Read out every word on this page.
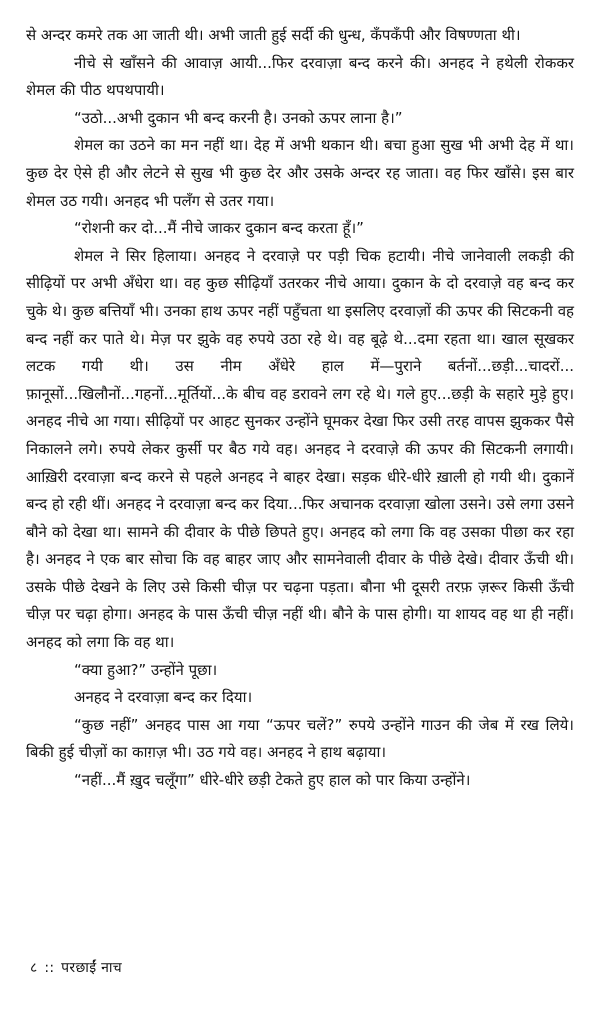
से अन्दर कमरे तक आ जाती थी। अभी जाती हुई सर्दी की धुन्ध, कँपकँपी और विषण्णता थी।

नीचे से खाँसने की आवाज़ आयी...फिर दरवाज़ा बन्द करने की। अनहद ने हथेली रोककर शेमल की पीठ थपथपायी।

“उठो...अभी दुकान भी बन्द करनी है। उनको ऊपर लाना है।”

शेमल का उठने का मन नहीं था। देह में अभी थकान थी। बचा हुआ सुख भी अभी देह में था। कुछ देर ऐसे ही और लेटने से सुख भी कुछ देर और उसके अन्दर रह जाता। वह फिर खाँसे। इस बार शेमल उठ गयी। अनहद भी पलँग से उतर गया।

“रोशनी कर दो...मैं नीचे जाकर दुकान बन्द करता हूँ।”

शेमल ने सिर हिलाया। अनहद ने दरवाज़े पर पड़ी चिक हटायी। नीचे जानेवाली लकड़ी की सीढ़ियों पर अभी अँधेरा था। वह कुछ सीढ़ियाँ उतरकर नीचे आया। दुकान के दो दरवाज़े वह बन्द कर चुके थे। कुछ बत्तियाँ भी। उनका हाथ ऊपर नहीं पहुँचता था इसलिए दरवाज़ों की ऊपर की सिटकनी वह बन्द नहीं कर पाते थे। मेज़ पर झुके वह रुपये उठा रहे थे। वह बूढ़े थे...दमा रहता था। खाल सूखकर लटक गयी थी। उस नीम अँधेरे हाल में—पुराने बर्तनों...छड़ी...चादरों... फ़ानूसों...खिलौनों...गहनों...मूर्तियों...के बीच वह डरावने लग रहे थे। गले हुए...छड़ी के सहारे मुड़े हुए। अनहद नीचे आ गया। सीढ़ियों पर आहट सुनकर उन्होंने घूमकर देखा फिर उसी तरह वापस झुककर पैसे निकालने लगे। रुपये लेकर कुर्सी पर बैठ गये वह। अनहद ने दरवाज़े की ऊपर की सिटकनी लगायी। आख़िरी दरवाज़ा बन्द करने से पहले अनहद ने बाहर देखा। सड़क धीरे-धीरे ख़ाली हो गयी थी। दुकानें बन्द हो रही थीं। अनहद ने दरवाज़ा बन्द कर दिया...फिर अचानक दरवाज़ा खोला उसने। उसे लगा उसने बौने को देखा था। सामने की दीवार के पीछे छिपते हुए। अनहद को लगा कि वह उसका पीछा कर रहा है। अनहद ने एक बार सोचा कि वह बाहर जाए और सामनेवाली दीवार के पीछे देखे। दीवार ऊँची थी। उसके पीछे देखने के लिए उसे किसी चीज़ पर चढ़ना पड़ता। बौना भी दूसरी तरफ़ ज़रूर किसी ऊँची चीज़ पर चढ़ा होगा। अनहद के पास ऊँची चीज़ नहीं थी। बौने के पास होगी। या शायद वह था ही नहीं। अनहद को लगा कि वह था।

“क्या हुआ?” उन्होंने पूछा।

अनहद ने दरवाज़ा बन्द कर दिया।

“कुछ नहीं” अनहद पास आ गया “ऊपर चलें?” रुपये उन्होंने गाउन की जेब में रख लिये। बिकी हुई चीज़ों का काग़ज़ भी। उठ गये वह। अनहद ने हाथ बढ़ाया।

“नहीं...मैं ख़ुद चलूँगा” धीरे-धीरे छड़ी टेकते हुए हाल को पार किया उन्होंने।

८ :: परछाईं नाच
